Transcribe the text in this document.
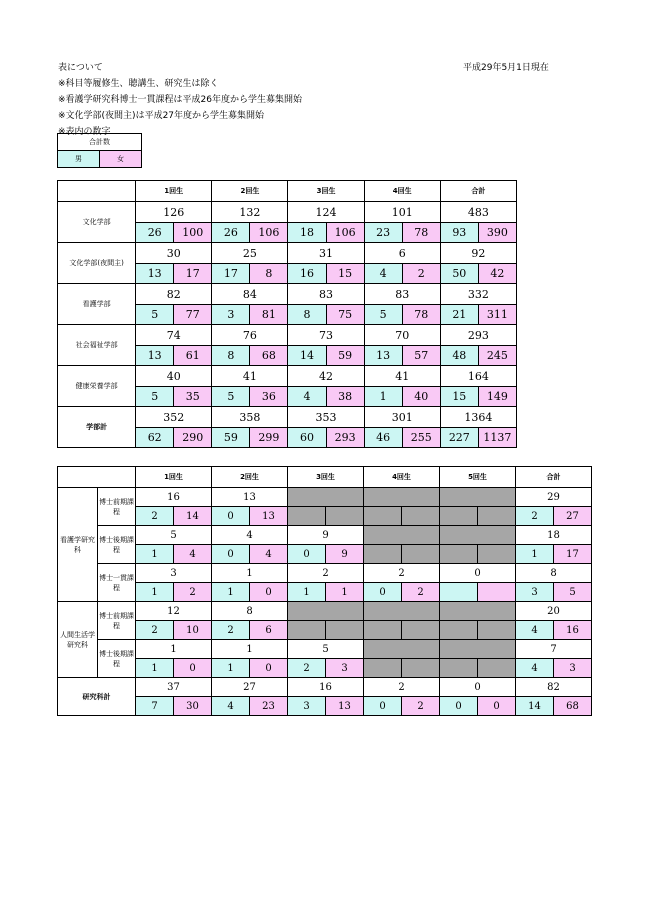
表について
※科目等履修生、聴講生、研究生は除く
※看護学研究科博士一貫課程は平成26年度から学生募集開始
※文化学部(夜間主)は平成27年度から学生募集開始
※表内の数字
平成29年5月1日現在
合計数
男	女
	1回生		2回生		3回生		4回生		合計	
文化学部	126		132		124		101		483	
	26	100	26	106	18	106	23	78	93	390
文化学部(夜間主)	30		25		31		6		92	
	13	17	17	8	16	15	4	2	50	42
看護学部	82		84		83		83		332	
	5	77	3	81	8	75	5	78	21	311
社会福祉学部	74		76		73		70		293	
	13	61	8	68	14	59	13	57	48	245
健康栄養学部	40		41		42		41		164	
	5	35	5	36	4	38	1	40	15	149
学部計	352		358		353		301		1364	
	62	290	59	299	60	293	46	255	227	1137
		1回生		2回生		3回生		4回生		5回生		合計	
看護学研究科	博士前期課程	16		13								29	
		2	14	0	13							2	27
	博士後期課程	5		4		9						18	
		1	4	0	4	0	9					1	17
	博士一貫課程	3		1		2		2		0		8	
		1	2	1	0	1	1	0	2			3	5
人間生活学研究科	博士前期課程	12		8								20	
		2	10	2	6							4	16
	博士後期課程	1		1		5						7	
		1	0	1	0	2	3					4	3
研究科計		37		27		16		2		0		82	
		7	30	4	23	3	13	0	2	0	0	14	68
